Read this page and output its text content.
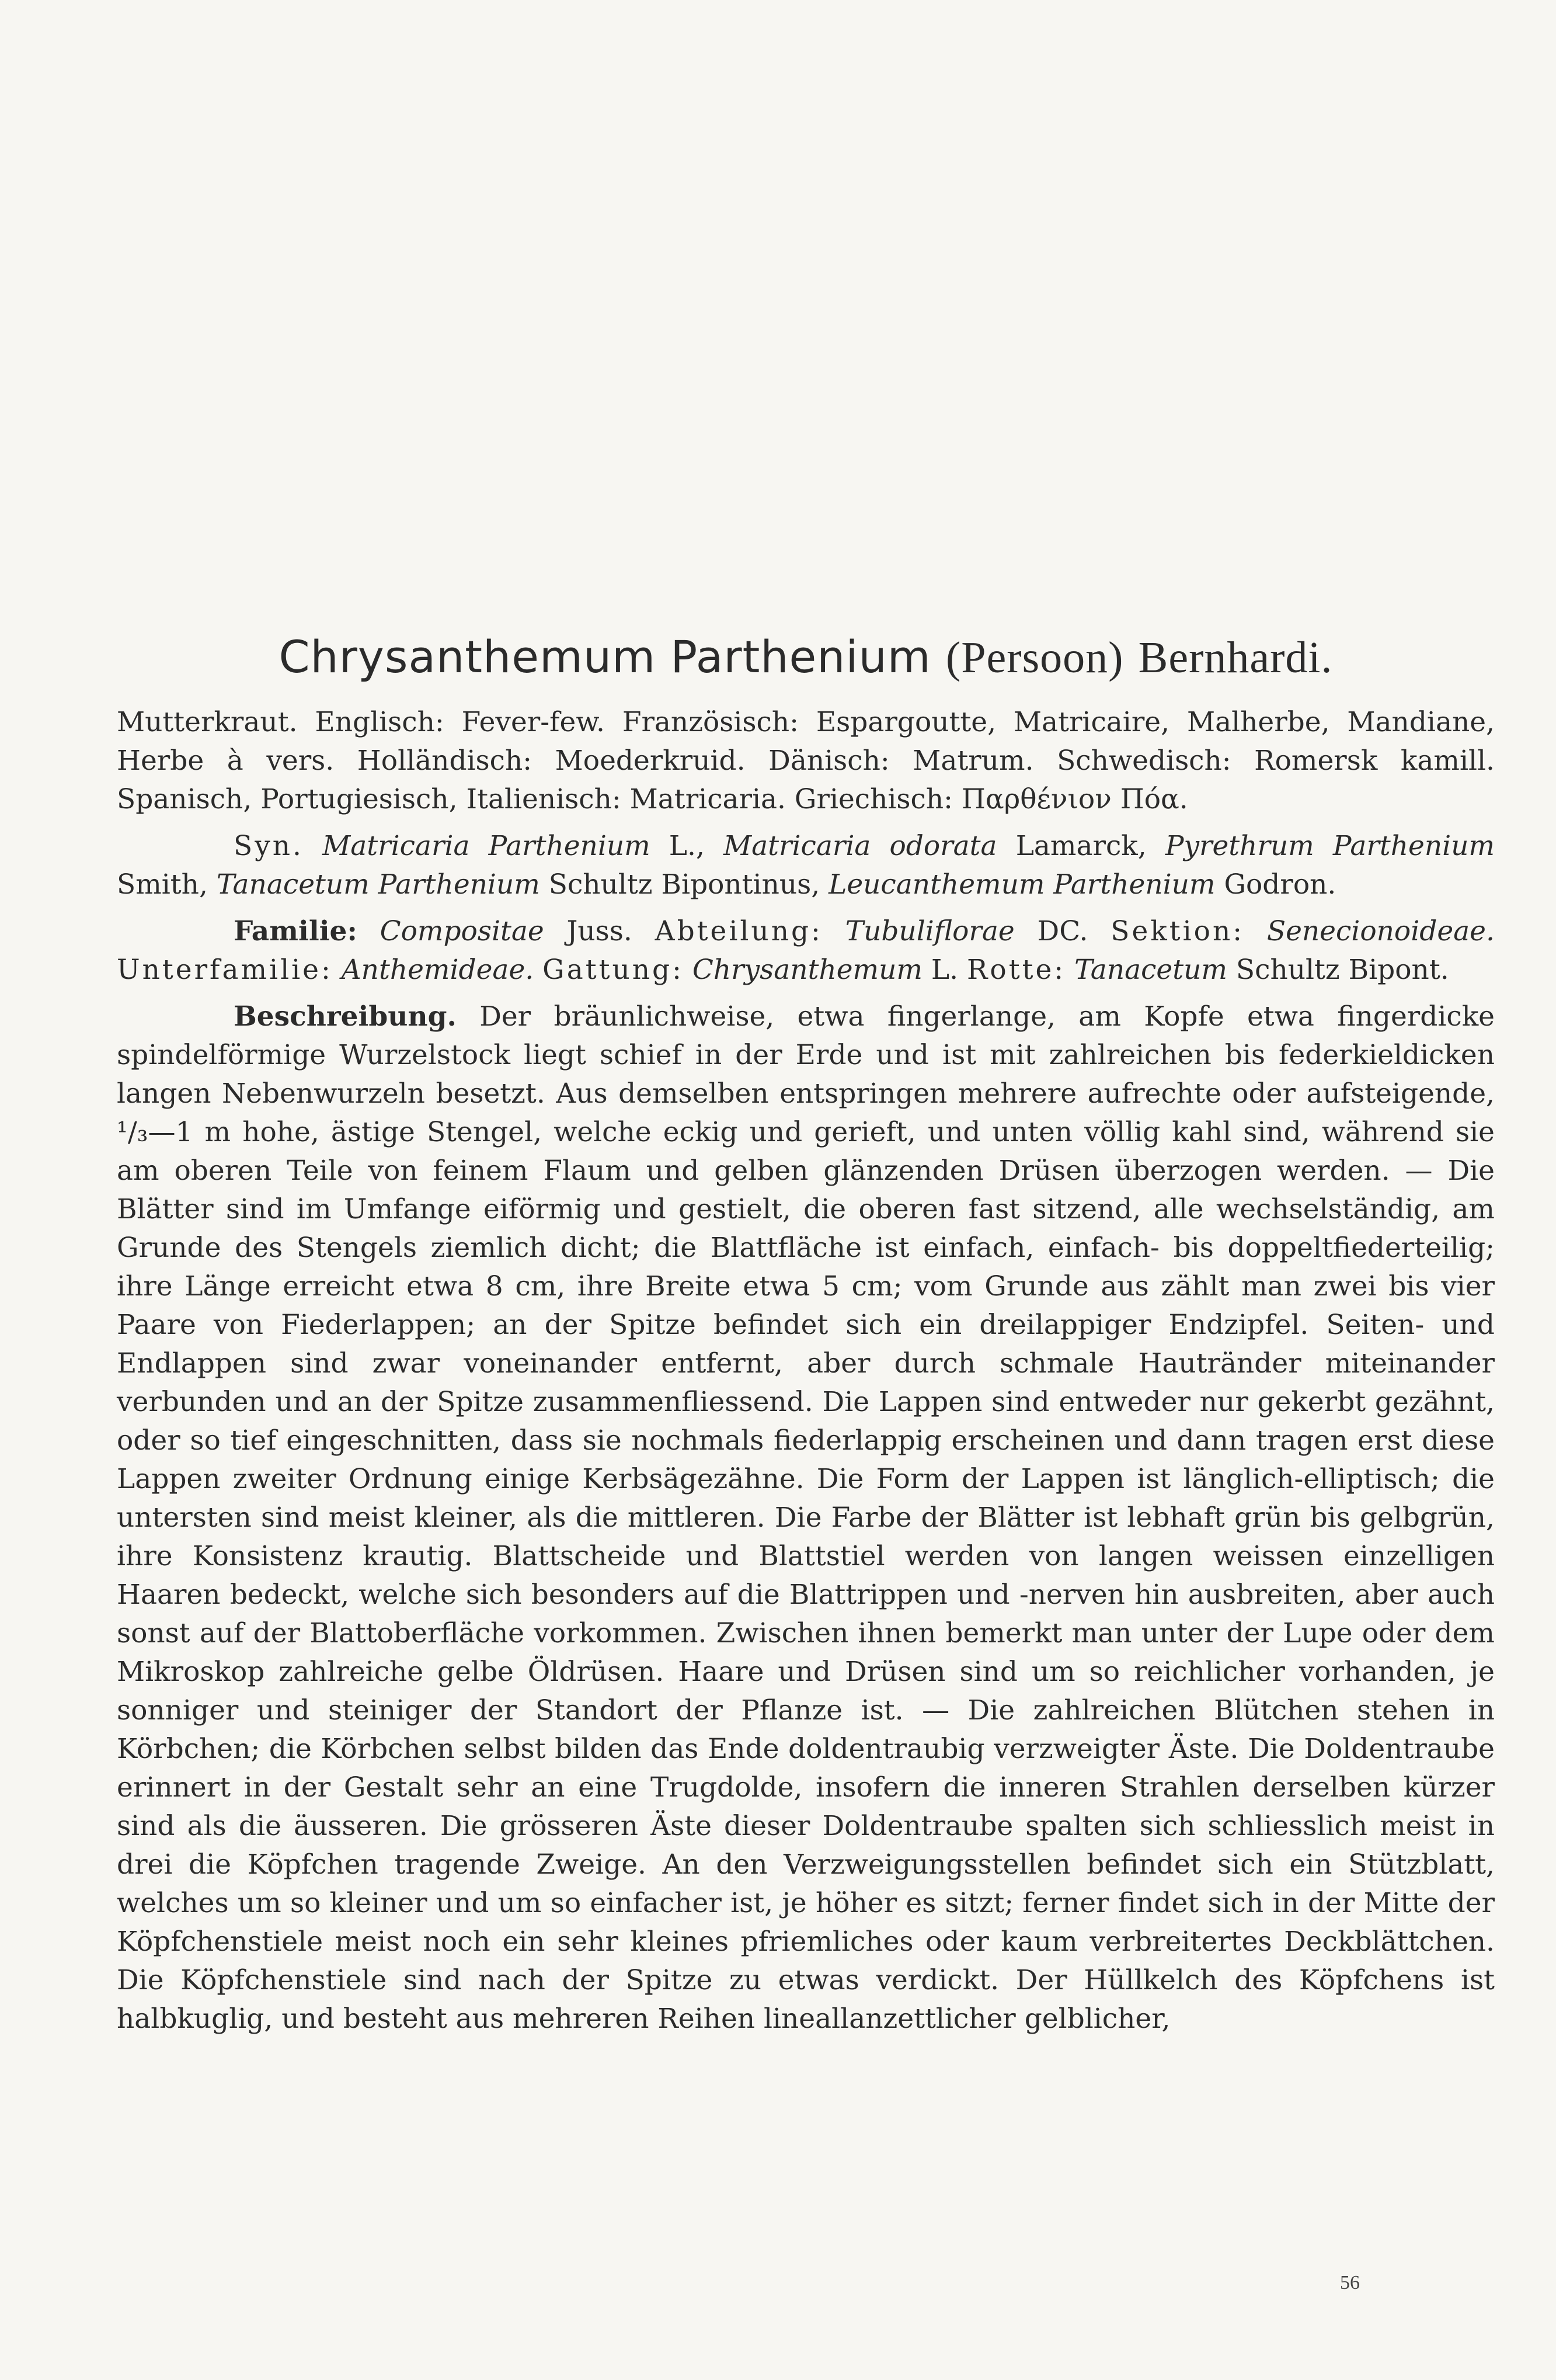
Chrysanthemum Parthenium (Persoon) Bernhardi.

Mutterkraut. Englisch: Fever-few. Französisch: Espargoutte, Matricaire, Malherbe, Mandiane, Herbe à vers. Holländisch: Moederkruid. Dänisch: Matrum. Schwedisch: Romersk kamill. Spanisch, Portugiesisch, Italienisch: Matricaria. Griechisch: Παρθένιον Πόα.

Syn. Matricaria Parthenium L., Matricaria odorata Lamarck, Pyrethrum Parthenium Smith, Tanacetum Parthenium Schultz Bipontinus, Leucanthemum Parthenium Godron.

Familie: Compositae Juss. Abteilung: Tubuliflorae DC. Sektion: Senecionoideae. Unterfamilie: Anthemideae. Gattung: Chrysanthemum L. Rotte: Tanacetum Schultz Bipont.

Beschreibung. Der bräunlichweise, etwa fingerlange, am Kopfe etwa fingerdicke spindelförmige Wurzelstock liegt schief in der Erde und ist mit zahlreichen bis federkieldicken langen Nebenwurzeln besetzt. Aus demselben entspringen mehrere aufrechte oder aufsteigende, ¹/₃—1 m hohe, ästige Stengel, welche eckig und gerieft, und unten völlig kahl sind, während sie am oberen Teile von feinem Flaum und gelben glänzenden Drüsen überzogen werden. — Die Blätter sind im Umfange eiförmig und gestielt, die oberen fast sitzend, alle wechselständig, am Grunde des Stengels ziemlich dicht; die Blattfläche ist einfach, einfach- bis doppeltfiederteilig; ihre Länge erreicht etwa 8 cm, ihre Breite etwa 5 cm; vom Grunde aus zählt man zwei bis vier Paare von Fiederlappen; an der Spitze befindet sich ein dreilappiger Endzipfel. Seiten- und Endlappen sind zwar voneinander entfernt, aber durch schmale Hautränder miteinander verbunden und an der Spitze zusammenfliessend. Die Lappen sind entweder nur gekerbt gezähnt, oder so tief eingeschnitten, dass sie nochmals fiederlappig erscheinen und dann tragen erst diese Lappen zweiter Ordnung einige Kerbsägezähne. Die Form der Lappen ist länglich-elliptisch; die untersten sind meist kleiner, als die mittleren. Die Farbe der Blätter ist lebhaft grün bis gelbgrün, ihre Konsistenz krautig. Blattscheide und Blattstiel werden von langen weissen einzelligen Haaren bedeckt, welche sich besonders auf die Blattrippen und -nerven hin ausbreiten, aber auch sonst auf der Blattoberfläche vorkommen. Zwischen ihnen bemerkt man unter der Lupe oder dem Mikroskop zahlreiche gelbe Öldrüsen. Haare und Drüsen sind um so reichlicher vorhanden, je sonniger und steiniger der Standort der Pflanze ist. — Die zahlreichen Blütchen stehen in Körbchen; die Körbchen selbst bilden das Ende doldentraubig verzweigter Äste. Die Doldentraube erinnert in der Gestalt sehr an eine Trugdolde, insofern die inneren Strahlen derselben kürzer sind als die äusseren. Die grösseren Äste dieser Doldentraube spalten sich schliesslich meist in drei die Köpfchen tragende Zweige. An den Verzweigungsstellen befindet sich ein Stützblatt, welches um so kleiner und um so einfacher ist, je höher es sitzt; ferner findet sich in der Mitte der Köpfchenstiele meist noch ein sehr kleines pfriemliches oder kaum verbreitertes Deckblättchen. Die Köpfchenstiele sind nach der Spitze zu etwas verdickt. Der Hüllkelch des Köpfchens ist halbkuglig, und besteht aus mehreren Reihen lineallanzettlicher gelblicher,

56
